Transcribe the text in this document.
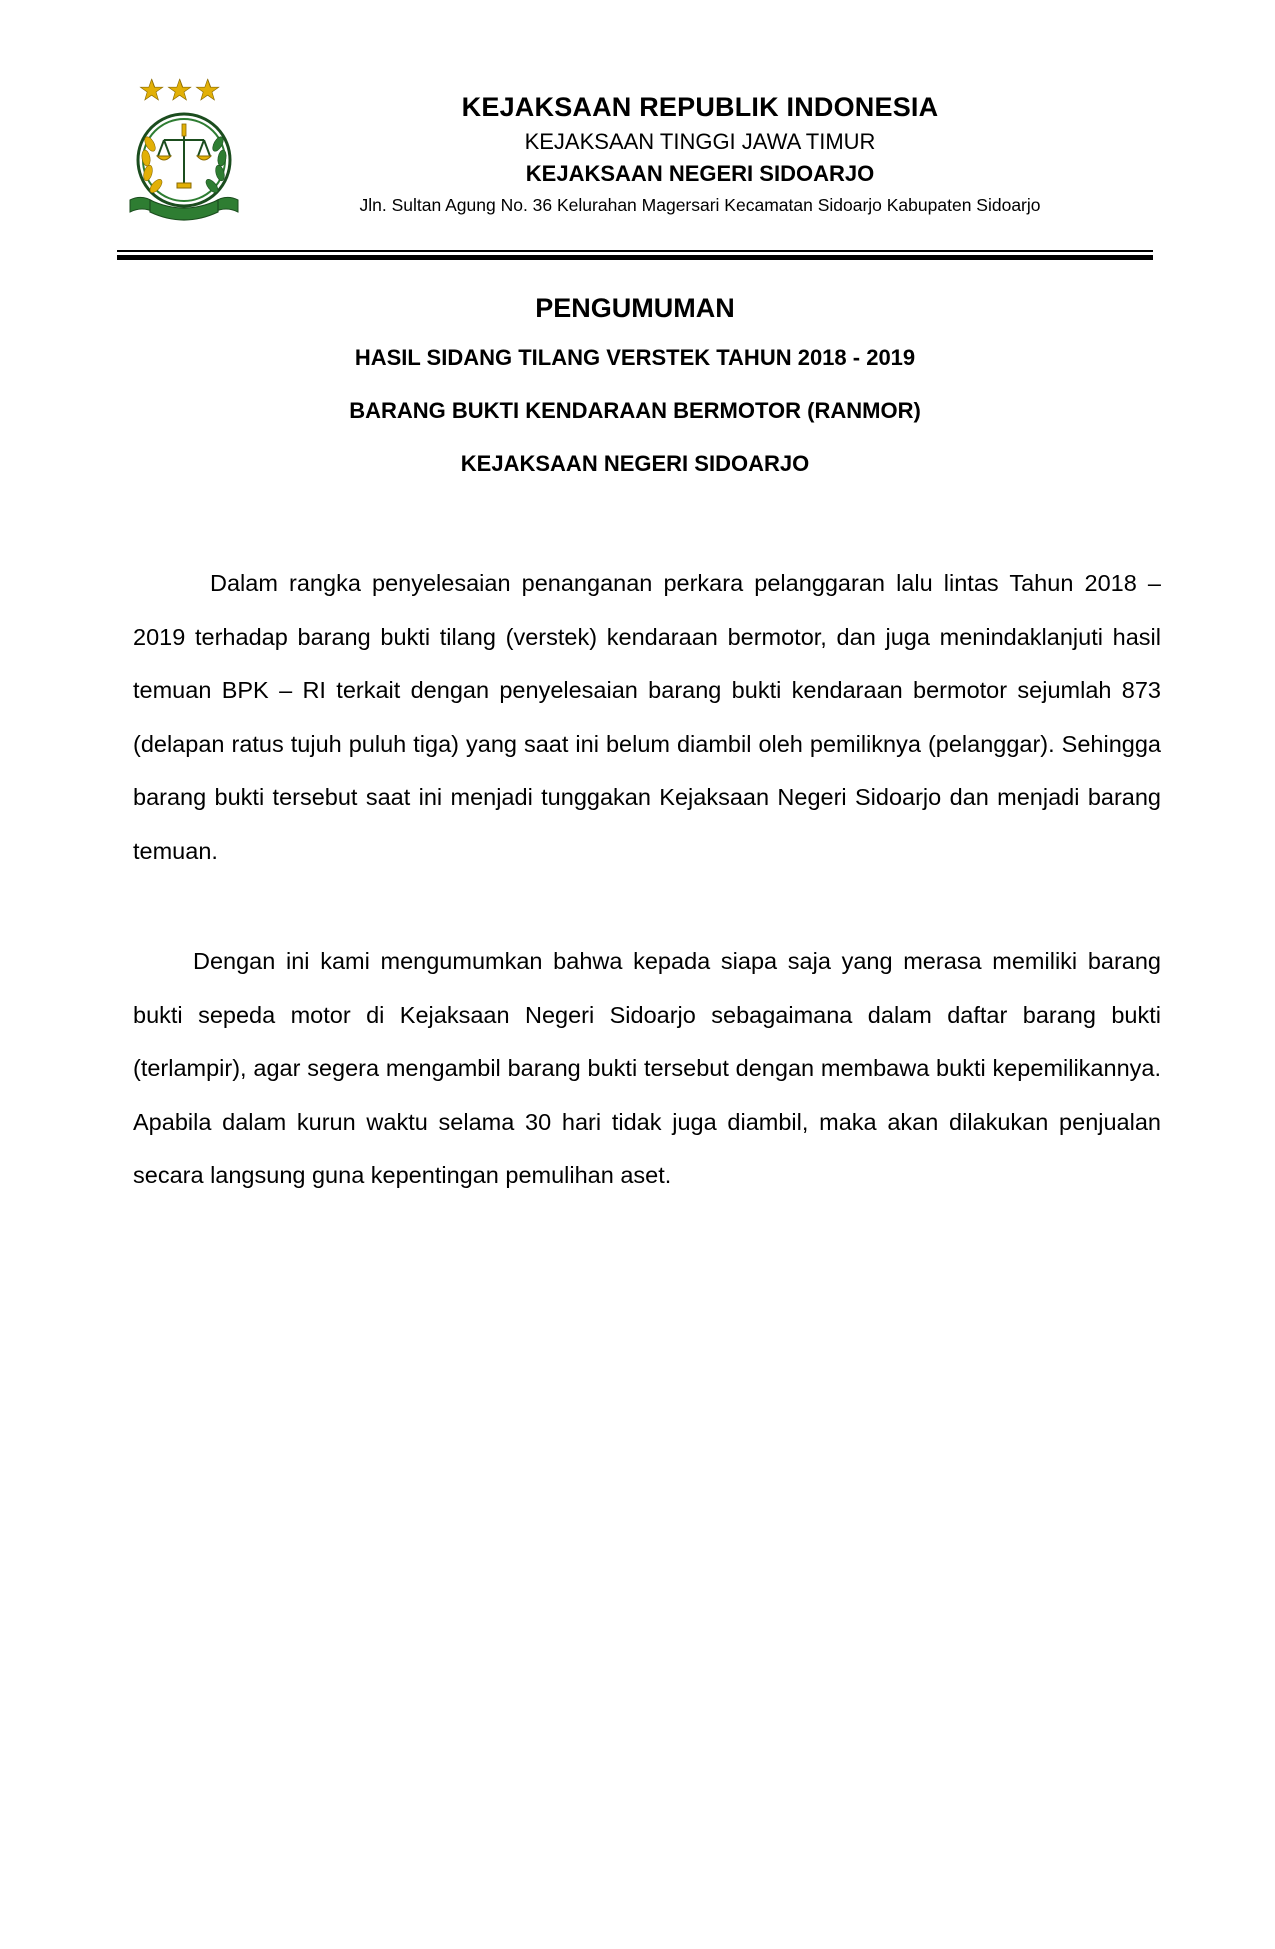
KEJAKSAAN REPUBLIK INDONESIA
KEJAKSAAN TINGGI JAWA TIMUR
KEJAKSAAN NEGERI SIDOARJO
Jln. Sultan Agung No. 36 Kelurahan Magersari Kecamatan Sidoarjo Kabupaten Sidoarjo
PENGUMUMAN
HASIL SIDANG TILANG VERSTEK TAHUN 2018 - 2019
BARANG BUKTI KENDARAAN BERMOTOR (RANMOR)
KEJAKSAAN NEGERI SIDOARJO

Dalam rangka penyelesaian penanganan perkara pelanggaran lalu lintas Tahun 2018 – 2019 terhadap barang bukti tilang (verstek) kendaraan bermotor, dan juga menindaklanjuti hasil temuan BPK – RI terkait dengan penyelesaian barang bukti kendaraan bermotor sejumlah 873 (delapan ratus tujuh puluh tiga) yang saat ini belum diambil oleh pemiliknya (pelanggar). Sehingga barang bukti tersebut saat ini menjadi tunggakan Kejaksaan Negeri Sidoarjo dan menjadi barang temuan.

Dengan ini kami mengumumkan bahwa kepada siapa saja yang merasa memiliki barang bukti sepeda motor di Kejaksaan Negeri Sidoarjo sebagaimana dalam daftar barang bukti (terlampir), agar segera mengambil barang bukti tersebut dengan membawa bukti kepemilikannya. Apabila dalam kurun waktu selama 30 hari tidak juga diambil, maka akan dilakukan penjualan secara langsung guna kepentingan pemulihan aset.
